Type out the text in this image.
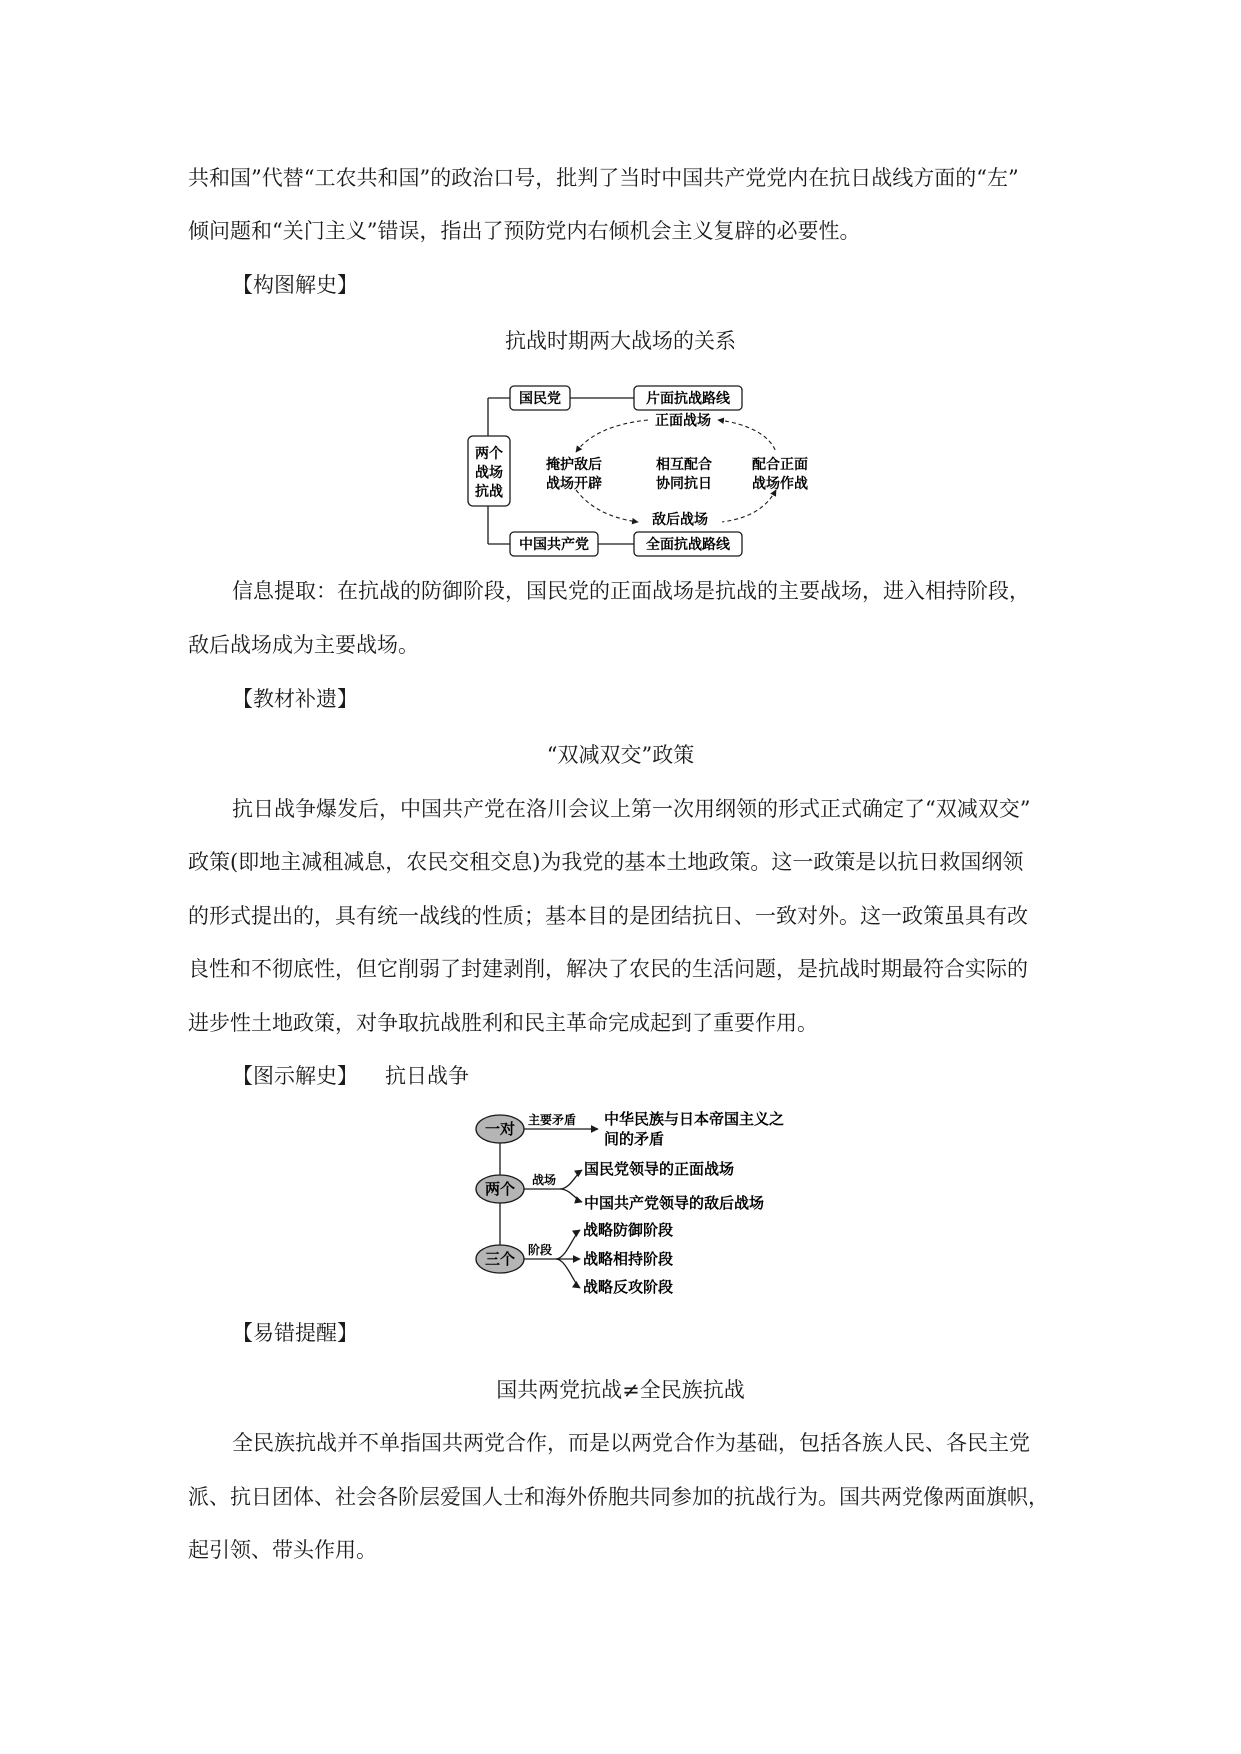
共和国”代替“工农共和国”的政治口号，批判了当时中国共产党党内在抗日战线方面的“左”

倾问题和“关门主义”错误，指出了预防党内右倾机会主义复辟的必要性。

【构图解史】

抗战时期两大战场的关系

两个
战场
抗战
国民党
中国共产党
片面抗战路线
全面抗战路线
正面战场
敌后战场
掩护敌后
战场开辟
相互配合
协同抗日
配合正面
战场作战

信息提取：在抗战的防御阶段，国民党的正面战场是抗战的主要战场，进入相持阶段，

敌后战场成为主要战场。

【教材补遗】

“双减双交”政策

抗日战争爆发后，中国共产党在洛川会议上第一次用纲领的形式正式确定了“双减双交”

政策(即地主减租减息，农民交租交息)为我党的基本土地政策。这一政策是以抗日救国纲领

的形式提出的，具有统一战线的性质；基本目的是团结抗日、一致对外。这一政策虽具有改

良性和不彻底性，但它削弱了封建剥削，解决了农民的生活问题，是抗战时期最符合实际的

进步性土地政策，对争取抗战胜利和民主革命完成起到了重要作用。

【图示解史】 抗日战争

一对
两个
三个
主要矛盾
战场
阶段
中华民族与日本帝国主义之
间的矛盾
国民党领导的正面战场
中国共产党领导的敌后战场
战略防御阶段
战略相持阶段
战略反攻阶段

【易错提醒】

国共两党抗战≠全民族抗战

全民族抗战并不单指国共两党合作，而是以两党合作为基础，包括各族人民、各民主党

派、抗日团体、社会各阶层爱国人士和海外侨胞共同参加的抗战行为。国共两党像两面旗帜，

起引领、带头作用。
